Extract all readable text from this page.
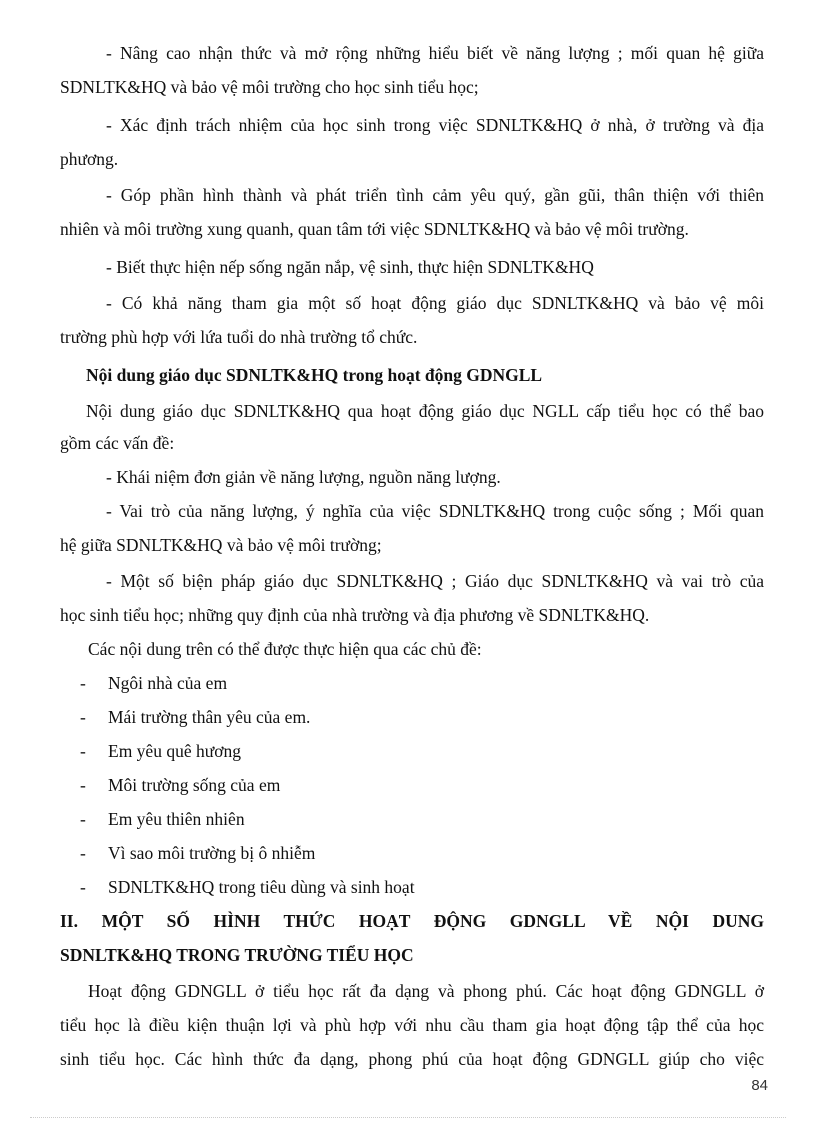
- Nâng cao nhận thức và mở rộng những hiểu biết về năng lượng ; mối quan hệ giữa
SDNLTK&HQ và bảo vệ môi trường cho học sinh tiểu học;
- Xác định trách nhiệm của học sinh trong việc SDNLTK&HQ ở nhà, ở trường và địa
phương.
- Góp phần hình thành và phát triển tình cảm yêu quý, gần gũi, thân thiện với thiên
nhiên và môi trường xung quanh, quan tâm tới việc SDNLTK&HQ và bảo vệ môi trường.
- Biết thực hiện nếp sống ngăn nắp, vệ sinh, thực hiện SDNLTK&HQ
- Có khả năng tham gia một số hoạt động giáo dục SDNLTK&HQ và bảo vệ môi
trường phù hợp với lứa tuổi do nhà trường tổ chức.
Nội dung giáo dục SDNLTK&HQ trong hoạt động GDNGLL
Nội dung giáo dục SDNLTK&HQ qua hoạt động giáo dục NGLL cấp tiểu học có thể bao
gồm các vấn đề:
- Khái niệm đơn giản về năng lượng, nguồn năng lượng.
- Vai trò của năng lượng, ý nghĩa của việc SDNLTK&HQ trong cuộc sống ; Mối quan
hệ giữa SDNLTK&HQ và bảo vệ môi trường;
- Một số biện pháp giáo dục SDNLTK&HQ ; Giáo dục SDNLTK&HQ và vai trò của
học sinh tiểu học; những quy định của nhà trường và địa phương về SDNLTK&HQ.
Các nội dung trên có thể được thực hiện qua các chủ đề:
- Ngôi nhà của em
- Mái trường thân yêu của em.
- Em yêu quê hương
- Môi trường sống của em
- Em yêu thiên nhiên
- Vì sao môi trường bị ô nhiễm
- SDNLTK&HQ trong tiêu dùng và sinh hoạt
II. MỘT SỐ HÌNH THỨC HOẠT ĐỘNG GDNGLL VỀ NỘI DUNG
SDNLTK&HQ TRONG TRƯỜNG TIỂU HỌC
Hoạt động GDNGLL ở tiểu học rất đa dạng và phong phú. Các hoạt động GDNGLL ở
tiểu học là điều kiện thuận lợi và phù hợp với nhu cầu tham gia hoạt động tập thể của học
sinh tiểu học. Các hình thức đa dạng, phong phú của hoạt động GDNGLL giúp cho việc
84
